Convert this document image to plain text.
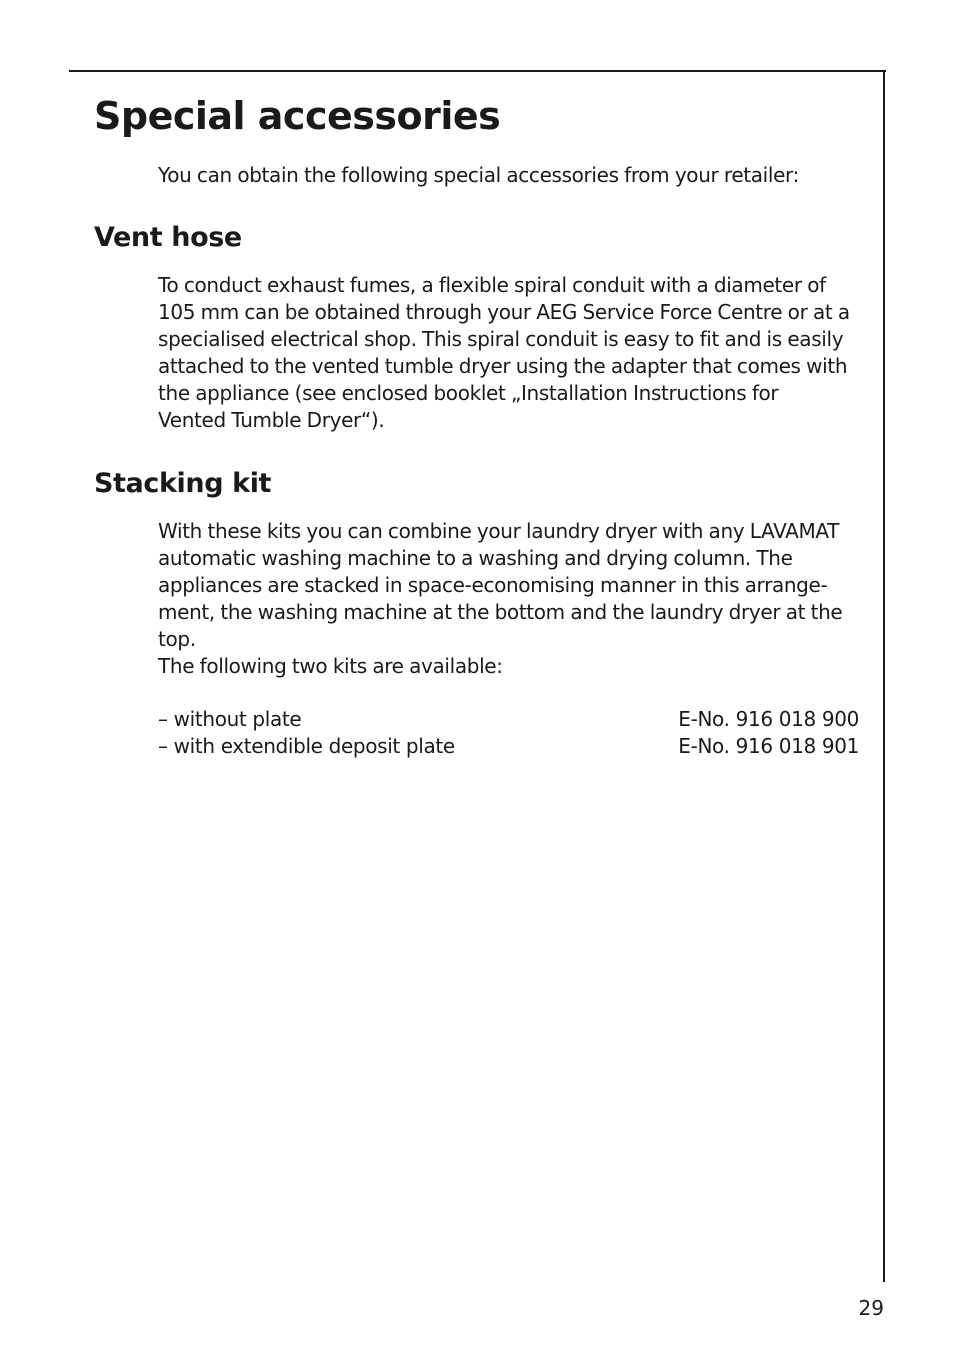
Special accessories

You can obtain the following special accessories from your retailer:

Vent hose

To conduct exhaust fumes, a flexible spiral conduit with a diameter of
105 mm can be obtained through your AEG Service Force Centre or at a
specialised electrical shop. This spiral conduit is easy to fit and is easily
attached to the vented tumble dryer using the adapter that comes with
the appliance (see enclosed booklet „Installation Instructions for
Vented Tumble Dryer“).

Stacking kit

With these kits you can combine your laundry dryer with any LAVAMAT
automatic washing machine to a washing and drying column. The
appliances are stacked in space-economising manner in this arrange-
ment, the washing machine at the bottom and the laundry dryer at the
top.
The following two kits are available:

– without plate	E-No. 916 018 900
– with extendible deposit plate	E-No. 916 018 901
29
